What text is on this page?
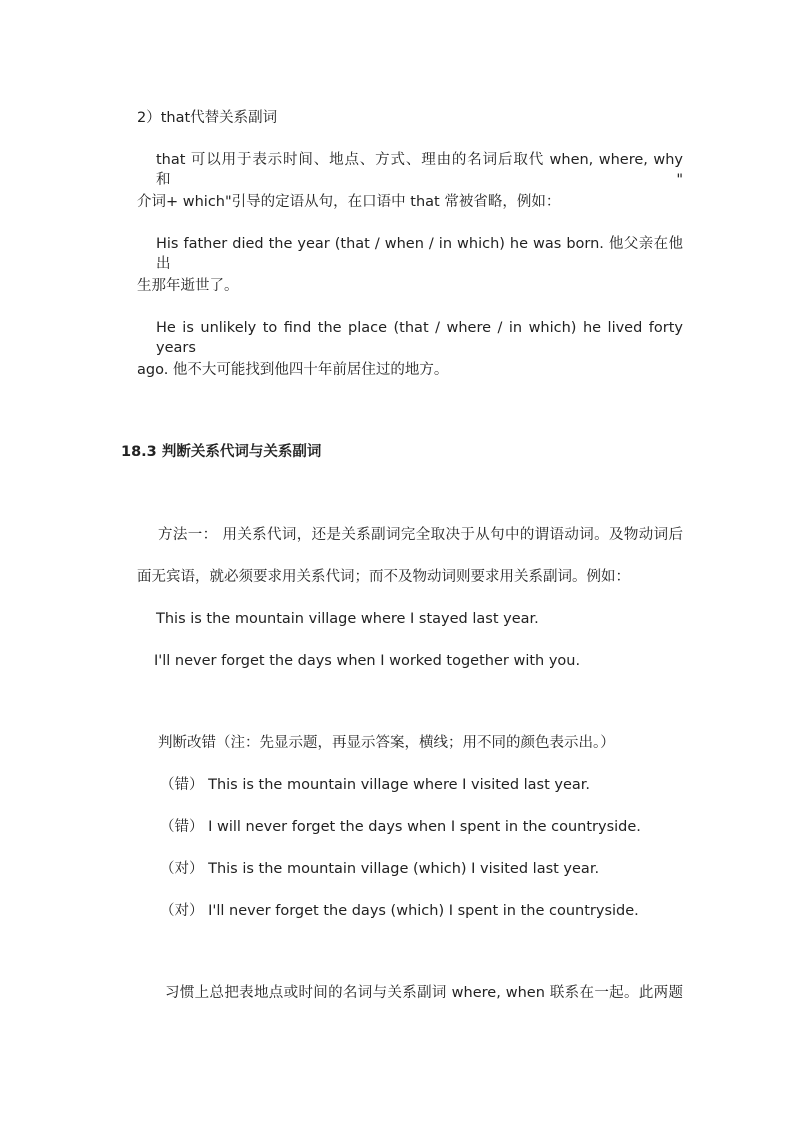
2）that代替关系副词
that 可以用于表示时间、地点、方式、理由的名词后取代 when, where, why 和"
介词+ which"引导的定语从句，在口语中 that 常被省略，例如：
His father died the year (that / when / in which) he was born. 他父亲在他出
生那年逝世了。
He is unlikely to find the place (that / where / in which) he lived forty years
ago. 他不大可能找到他四十年前居住过的地方。
18.3 判断关系代词与关系副词
方法一： 用关系代词，还是关系副词完全取决于从句中的谓语动词。及物动词后
面无宾语，就必须要求用关系代词；而不及物动词则要求用关系副词。例如：
This is the mountain village where I stayed last year.
I'll never forget the days when I worked together with you.
判断改错（注：先显示题，再显示答案，横线；用不同的颜色表示出。）
（错） This is the mountain village where I visited last year.
（错） I will never forget the days when I spent in the countryside.
（对） This is the mountain village (which) I visited last year.
（对） I'll never forget the days (which) I spent in the countryside.
习惯上总把表地点或时间的名词与关系副词 where, when 联系在一起。此两题
